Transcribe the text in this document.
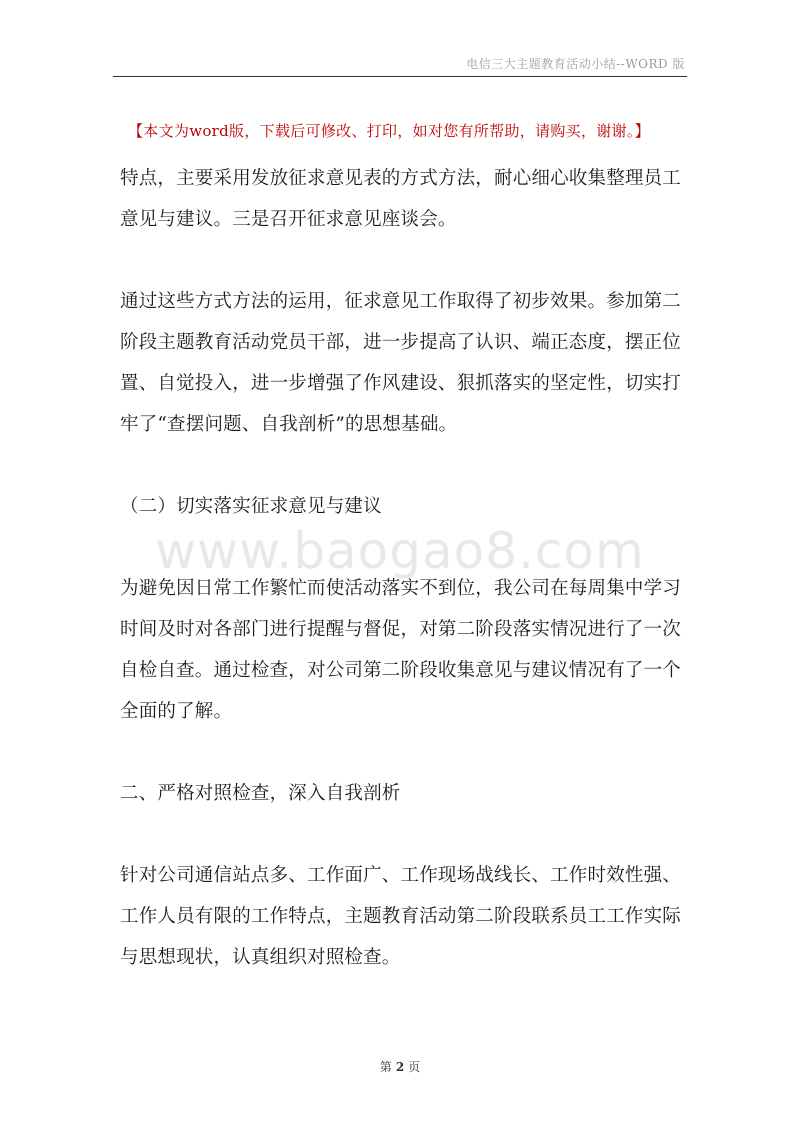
电信三大主题教育活动小结--WORD 版
【本文为word版，下载后可修改、打印，如对您有所帮助，请购买，谢谢。】
www.baogao8.com

特点，主要采用发放征求意见表的方式方法，耐心细心收集整理员工意见与建议。三是召开征求意见座谈会。

通过这些方式方法的运用，征求意见工作取得了初步效果。参加第二阶段主题教育活动党员干部，进一步提高了认识、端正态度，摆正位置、自觉投入，进一步增强了作风建设、狠抓落实的坚定性，切实打牢了“查摆问题、自我剖析”的思想基础。

（二）切实落实征求意见与建议

为避免因日常工作繁忙而使活动落实不到位，我公司在每周集中学习时间及时对各部门进行提醒与督促，对第二阶段落实情况进行了一次自检自查。通过检查，对公司第二阶段收集意见与建议情况有了一个全面的了解。

二、严格对照检查，深入自我剖析

针对公司通信站点多、工作面广、工作现场战线长、工作时效性强、工作人员有限的工作特点，主题教育活动第二阶段联系员工工作实际与思想现状，认真组织对照检查。

第 2 页
